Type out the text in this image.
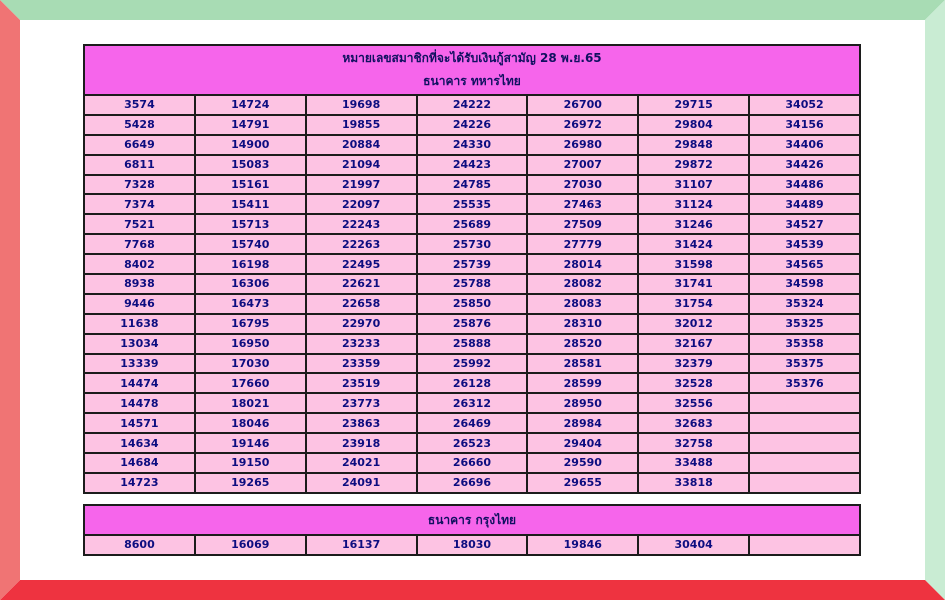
หมายเลขสมาชิกที่จะได้รับเงินกู้สามัญ 28 พ.ย.65
ธนาคาร ทหารไทย						

3574	14724	19698	24222	26700	29715	34052
5428	14791	19855	24226	26972	29804	34156
6649	14900	20884	24330	26980	29848	34406
6811	15083	21094	24423	27007	29872	34426
7328	15161	21997	24785	27030	31107	34486
7374	15411	22097	25535	27463	31124	34489
7521	15713	22243	25689	27509	31246	34527
7768	15740	22263	25730	27779	31424	34539
8402	16198	22495	25739	28014	31598	34565
8938	16306	22621	25788	28082	31741	34598
9446	16473	22658	25850	28083	31754	35324
11638	16795	22970	25876	28310	32012	35325
13034	16950	23233	25888	28520	32167	35358
13339	17030	23359	25992	28581	32379	35375
14474	17660	23519	26128	28599	32528	35376
14478	18021	23773	26312	28950	32556	
14571	18046	23863	26469	28984	32683	
14634	19146	23918	26523	29404	32758	
14684	19150	24021	26660	29590	33488	
14723	19265	24091	26696	29655	33818	
ธนาคาร กรุงไทย
8600	16069	16137	18030	19846	30404	
